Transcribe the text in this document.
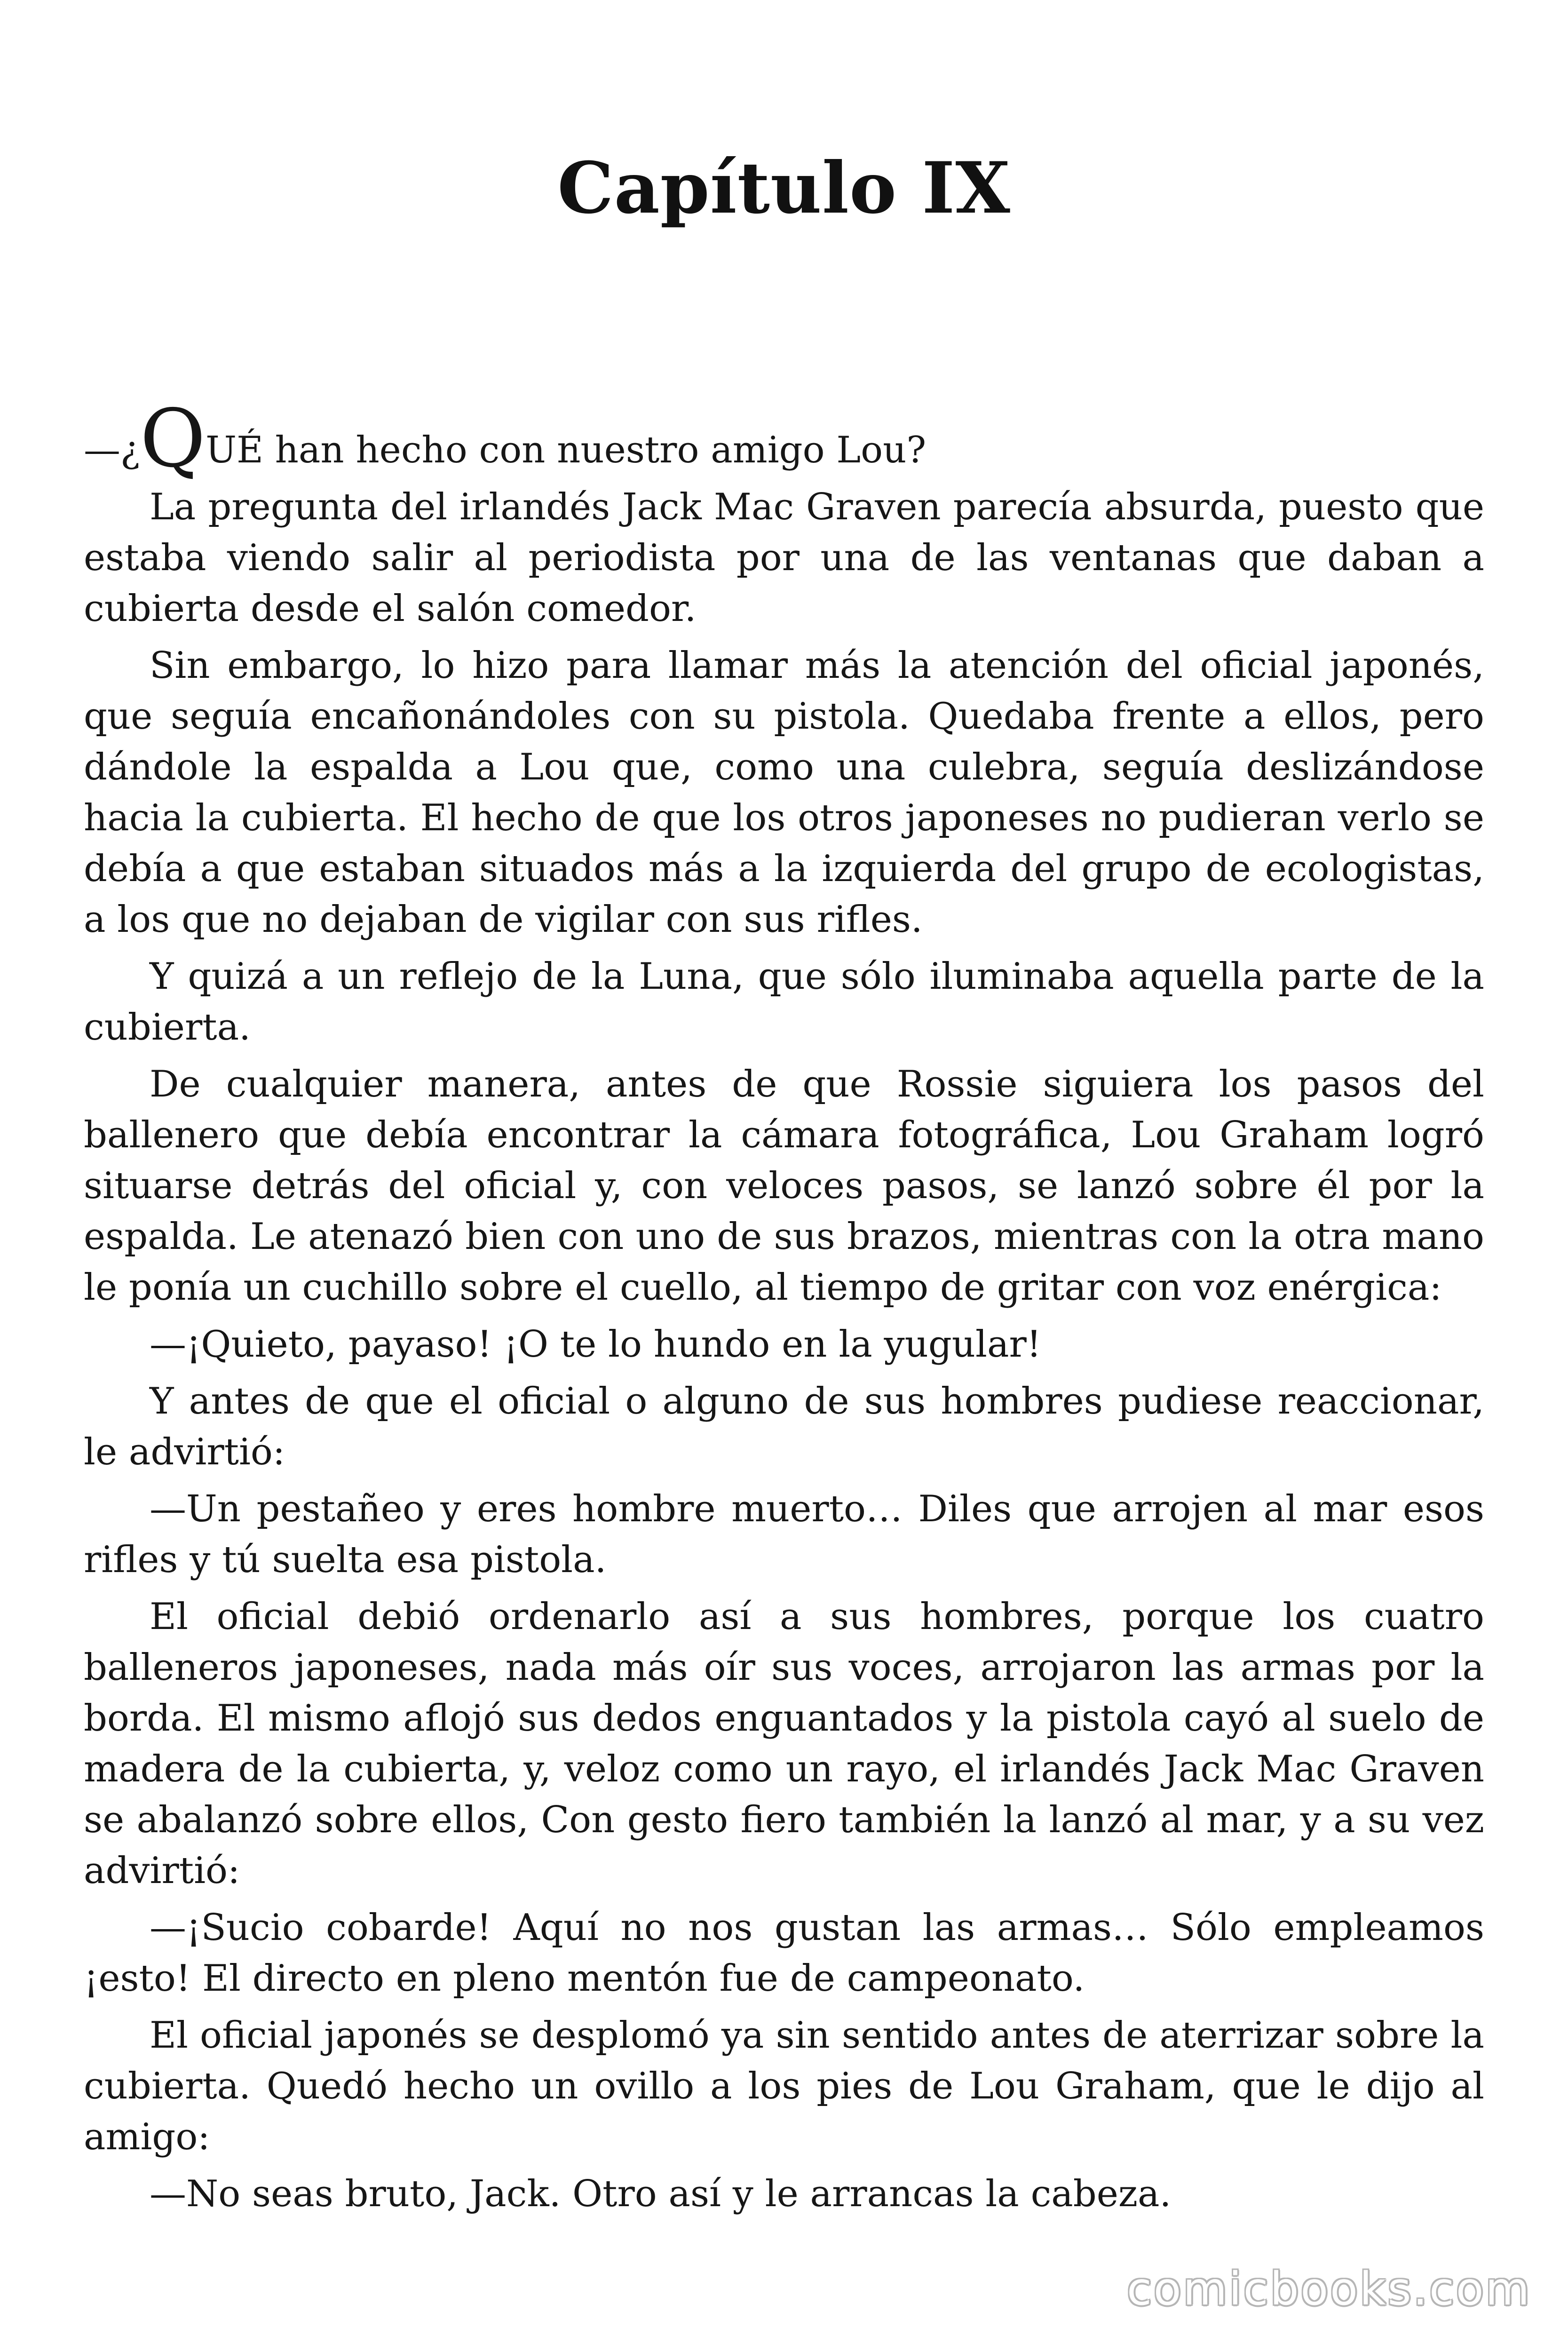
Capítulo IX

—¿QUÉ han hecho con nuestro amigo Lou?

La pregunta del irlandés Jack Mac Graven parecía absurda, puesto que estaba viendo salir al periodista por una de las ventanas que daban a cubierta desde el salón comedor.

Sin embargo, lo hizo para llamar más la atención del oficial japonés, que seguía encañonándoles con su pistola. Quedaba frente a ellos, pero dándole la espalda a Lou que, como una culebra, seguía deslizándose hacia la cubierta. El hecho de que los otros japoneses no pudieran verlo se debía a que estaban situados más a la izquierda del grupo de ecologistas, a los que no dejaban de vigilar con sus rifles.

Y quizá a un reflejo de la Luna, que sólo iluminaba aquella parte de la cubierta.

De cualquier manera, antes de que Rossie siguiera los pasos del ballenero que debía encontrar la cámara fotográfica, Lou Graham logró situarse detrás del oficial y, con veloces pasos, se lanzó sobre él por la espalda. Le atenazó bien con uno de sus brazos, mientras con la otra mano le ponía un cuchillo sobre el cuello, al tiempo de gritar con voz enérgica:

—¡Quieto, payaso! ¡O te lo hundo en la yugular!

Y antes de que el oficial o alguno de sus hombres pudiese reaccionar, le advirtió:

—Un pestañeo y eres hombre muerto… Diles que arrojen al mar esos rifles y tú suelta esa pistola.

El oficial debió ordenarlo así a sus hombres, porque los cuatro balleneros japoneses, nada más oír sus voces, arrojaron las armas por la borda. El mismo aflojó sus dedos enguantados y la pistola cayó al suelo de madera de la cubierta, y, veloz como un rayo, el irlandés Jack Mac Graven se abalanzó sobre ellos, Con gesto fiero también la lanzó al mar, y a su vez advirtió:

—¡Sucio cobarde! Aquí no nos gustan las armas… Sólo empleamos ¡esto! El directo en pleno mentón fue de campeonato.

El oficial japonés se desplomó ya sin sentido antes de aterrizar sobre la cubierta. Quedó hecho un ovillo a los pies de Lou Graham, que le dijo al amigo:

—No seas bruto, Jack. Otro así y le arrancas la cabeza.

comicbooks.com
